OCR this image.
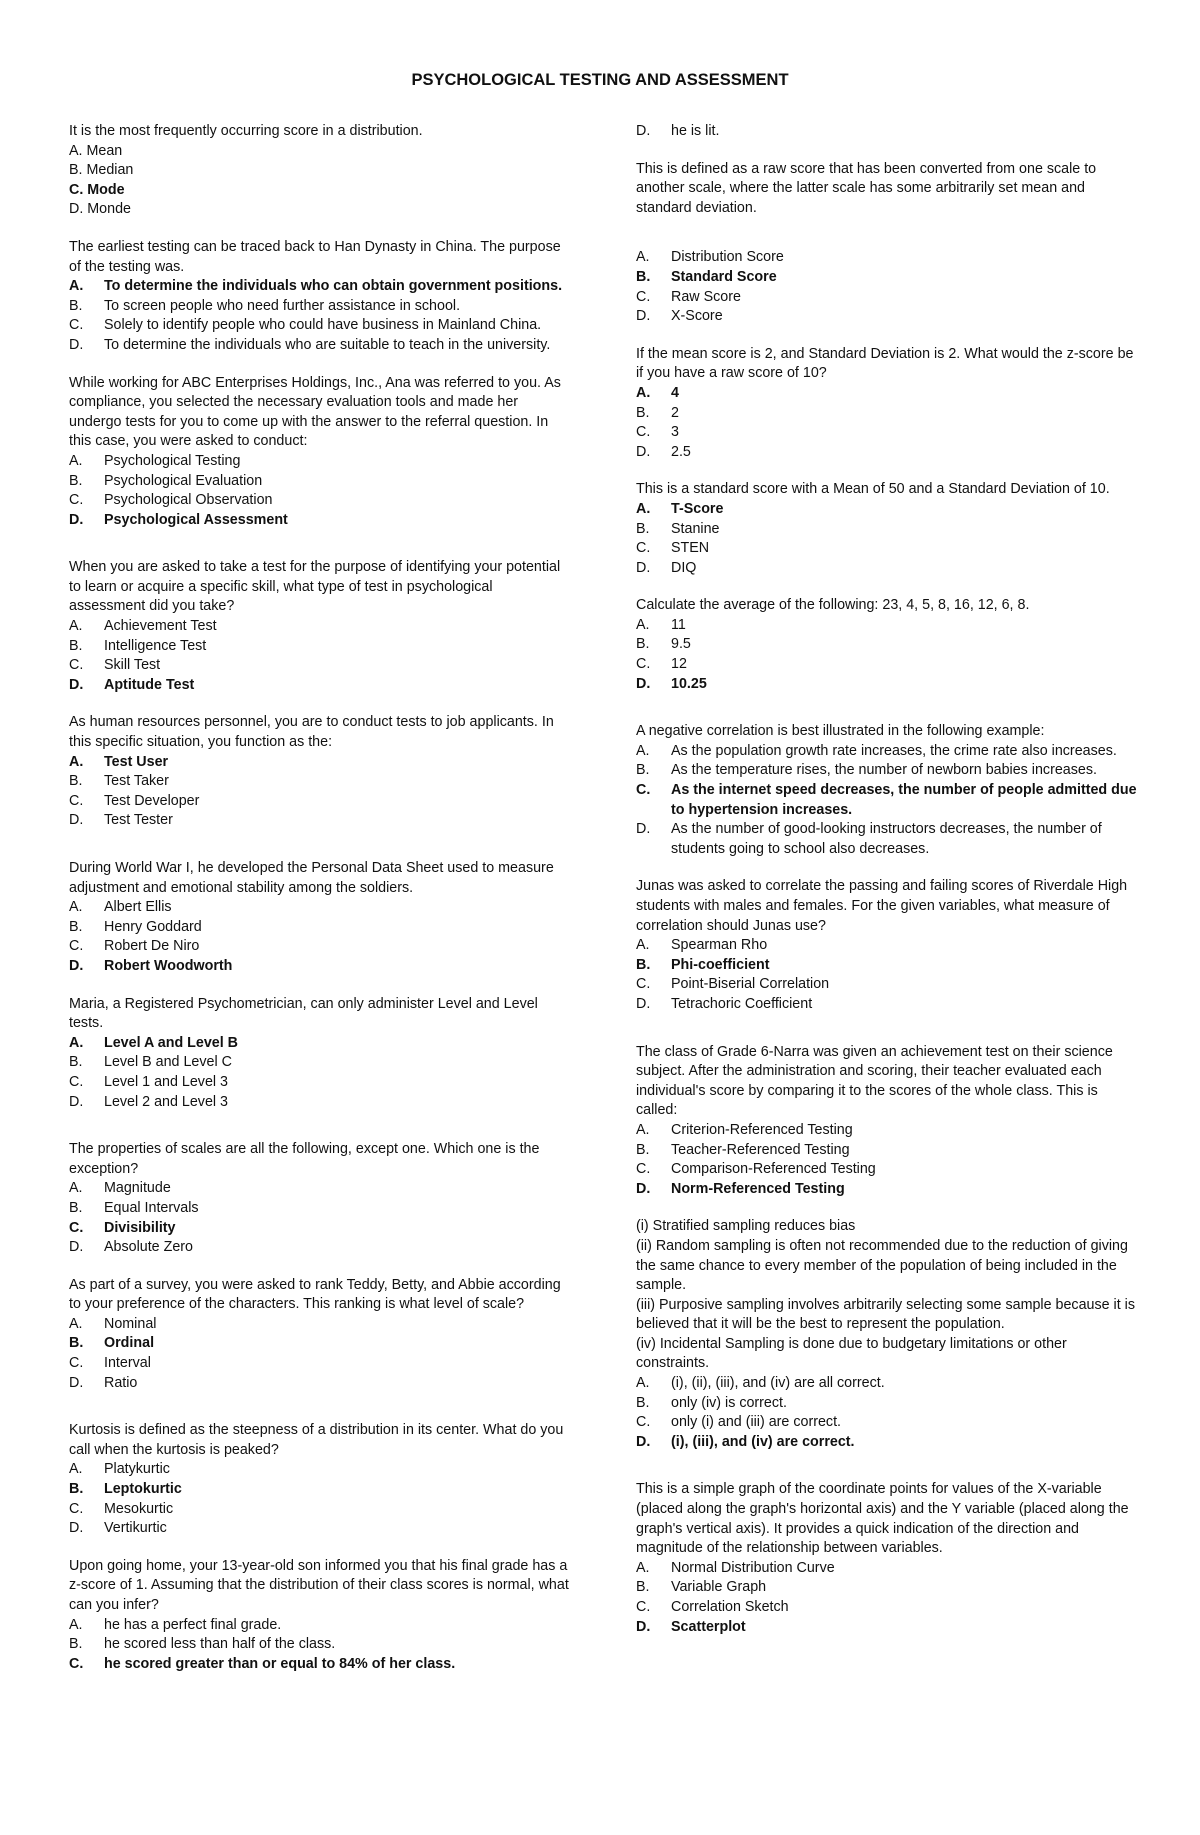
PSYCHOLOGICAL TESTING AND ASSESSMENT

It is the most frequently occurring score in a distribution.

A. Mean

B. Median

C. Mode

D. Monde

The earliest testing can be traced back to Han Dynasty in China. The purpose of the testing was.

A.	To determine the individuals who can obtain government positions.
B.	To screen people who need further assistance in school.
C.	Solely to identify people who could have business in Mainland China.
D.	To determine the individuals who are suitable to teach in the university.

While working for ABC Enterprises Holdings, Inc., Ana was referred to you. As compliance, you selected the necessary evaluation tools and made her undergo tests for you to come up with the answer to the referral question. In this case, you were asked to conduct:

A.	Psychological Testing
B.	Psychological Evaluation
C.	Psychological Observation
D.	Psychological Assessment

When you are asked to take a test for the purpose of identifying your potential to learn or acquire a specific skill, what type of test in psychological assessment did you take?

A.	Achievement Test
B.	Intelligence Test
C.	Skill Test
D.	Aptitude Test

As human resources personnel, you are to conduct tests to job applicants. In this specific situation, you function as the:

A.	Test User
B.	Test Taker
C.	Test Developer
D.	Test Tester

During World War I, he developed the Personal Data Sheet used to measure adjustment and emotional stability among the soldiers.

A.	Albert Ellis
B.	Henry Goddard
C.	Robert De Niro
D.	Robert Woodworth

Maria, a Registered Psychometrician, can only administer Level and Level tests.

A.	Level A and Level B
B.	Level B and Level C
C.	Level 1 and Level 3
D.	Level 2 and Level 3

The properties of scales are all the following, except one. Which one is the exception?

A.	Magnitude
B.	Equal Intervals
C.	Divisibility
D.	Absolute Zero

As part of a survey, you were asked to rank Teddy, Betty, and Abbie according to your preference of the characters. This ranking is what level of scale?

A.	Nominal
B.	Ordinal
C.	Interval
D.	Ratio

Kurtosis is defined as the steepness of a distribution in its center. What do you call when the kurtosis is peaked?

A.	Platykurtic
B.	Leptokurtic
C.	Mesokurtic
D.	Vertikurtic

Upon going home, your 13-year-old son informed you that his final grade has a z-score of 1. Assuming that the distribution of their class scores is normal, what can you infer?

A.	he has a perfect final grade.
B.	he scored less than half of the class.
C.	he scored greater than or equal to 84% of her class.
D.	he is lit.

This is defined as a raw score that has been converted from one scale to another scale, where the latter scale has some arbitrarily set mean and standard deviation.

A.	Distribution Score
B.	Standard Score
C.	Raw Score
D.	X-Score

If the mean score is 2, and Standard Deviation is 2. What would the z-score be if you have a raw score of 10?

A.	4
B.	2
C.	3
D.	2.5

This is a standard score with a Mean of 50 and a Standard Deviation of 10.

A.	T-Score
B.	Stanine
C.	STEN
D.	DIQ

Calculate the average of the following: 23, 4, 5, 8, 16, 12, 6, 8.

A.	11
B.	9.5
C.	12
D.	10.25

A negative correlation is best illustrated in the following example:

A.	As the population growth rate increases, the crime rate also increases.
B.	As the temperature rises, the number of newborn babies increases.
C.	As the internet speed decreases, the number of people admitted due to hypertension increases.
D.	As the number of good-looking instructors decreases, the number of students going to school also decreases.

Junas was asked to correlate the passing and failing scores of Riverdale High students with males and females. For the given variables, what measure of correlation should Junas use?

A.	Spearman Rho
B.	Phi-coefficient
C.	Point-Biserial Correlation
D.	Tetrachoric Coefficient

The class of Grade 6-Narra was given an achievement test on their science subject. After the administration and scoring, their teacher evaluated each individual's score by comparing it to the scores of the whole class. This is called:

A.	Criterion-Referenced Testing
B.	Teacher-Referenced Testing
C.	Comparison-Referenced Testing
D.	Norm-Referenced Testing

(i) Stratified sampling reduces bias

(ii) Random sampling is often not recommended due to the reduction of giving the same chance to every member of the population of being included in the sample.

(iii) Purposive sampling involves arbitrarily selecting some sample because it is believed that it will be the best to represent the population.

(iv) Incidental Sampling is done due to budgetary limitations or other constraints.

A.	(i), (ii), (iii), and (iv) are all correct.
B.	only (iv) is correct.
C.	only (i) and (iii) are correct.
D.	(i), (iii), and (iv) are correct.

This is a simple graph of the coordinate points for values of the X-variable (placed along the graph's horizontal axis) and the Y variable (placed along the graph's vertical axis). It provides a quick indication of the direction and magnitude of the relationship between variables.

A.	Normal Distribution Curve
B.	Variable Graph
C.	Correlation Sketch
D.	Scatterplot
